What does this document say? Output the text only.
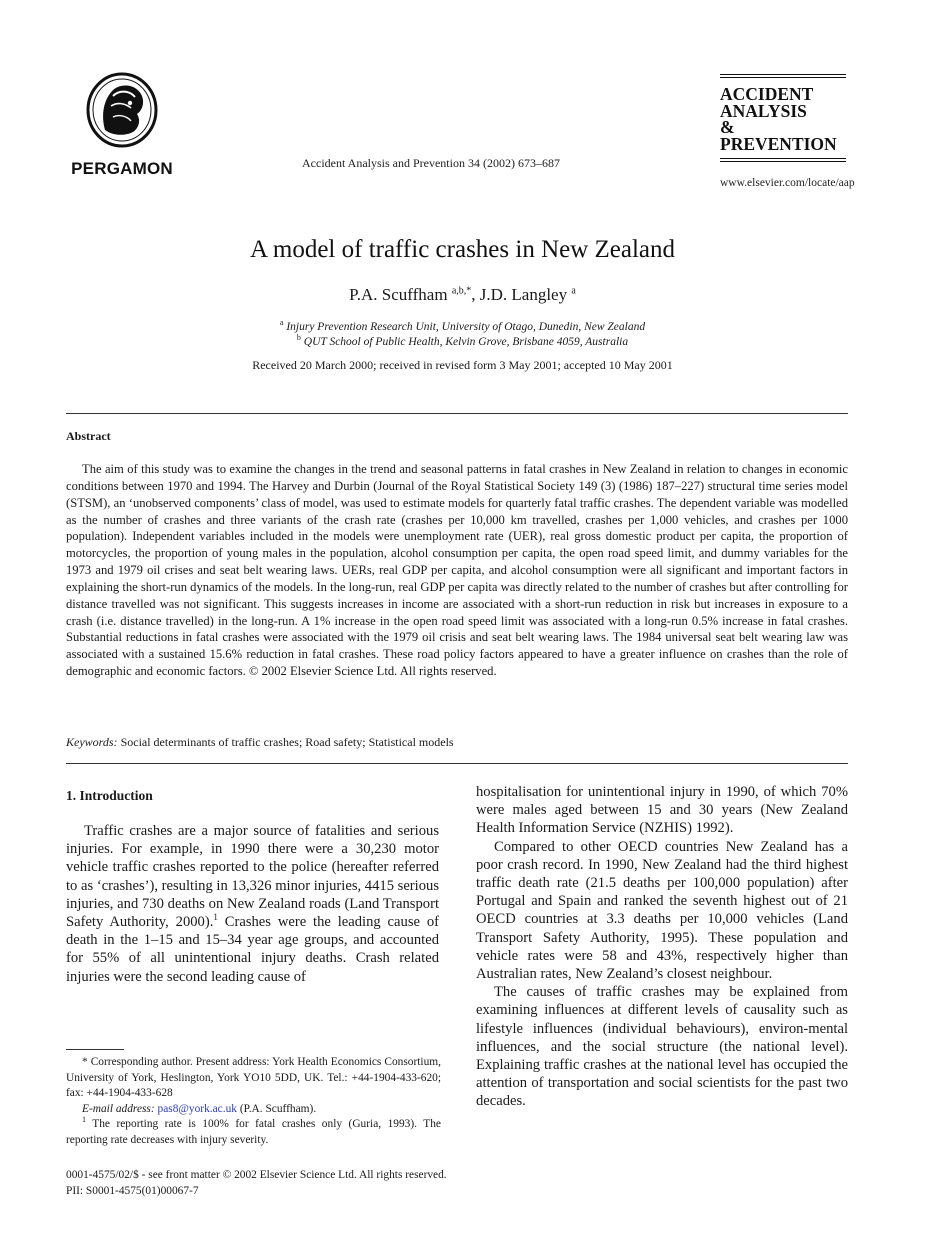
PERGAMON	Accident Analysis and Prevention 34 (2002) 673–687
ACCIDENT
ANALYSIS
&
PREVENTION
www.elsevier.com/locate/aap
A model of traffic crashes in New Zealand
P.A. Scuffham $^{a,b,*}$, J.D. Langley $^a$
$^a$ Injury Prevention Research Unit, University of Otago, Dunedin, New Zealand
$^b$ QUT School of Public Health, Kelvin Grove, Brisbane 4059, Australia
Received 20 March 2000; received in revised form 3 May 2001; accepted 10 May 2001
Abstract

The aim of this study was to examine the changes in the trend and seasonal patterns in fatal crashes in New Zealand in relation to changes in economic conditions between 1970 and 1994. The Harvey and Durbin (Journal of the Royal Statistical Society 149 (3) (1986) 187–227) structural time series model (STSM), an ‘unobserved components’ class of model, was used to estimate models for quarterly fatal traffic crashes. The dependent variable was modelled as the number of crashes and three variants of the crash rate (crashes per 10,000 km travelled, crashes per 1,000 vehicles, and crashes per 1000 population). Independent variables included in the models were unemployment rate (UER), real gross domestic product per capita, the proportion of motorcycles, the proportion of young males in the population, alcohol consumption per capita, the open road speed limit, and dummy variables for the 1973 and 1979 oil crises and seat belt wearing laws. UERs, real GDP per capita, and alcohol consumption were all significant and important factors in explaining the short-run dynamics of the models. In the long-run, real GDP per capita was directly related to the number of crashes but after controlling for distance travelled was not significant. This suggests increases in income are associated with a short-run reduction in risk but increases in exposure to a crash (i.e. distance travelled) in the long-run. A 1% increase in the open road speed limit was associated with a long-run 0.5% increase in fatal crashes. Substantial reductions in fatal crashes were associated with the 1979 oil crisis and seat belt wearing laws. The 1984 universal seat belt wearing law was associated with a sustained 15.6% reduction in fatal crashes. These road policy factors appeared to have a greater influence on crashes than the role of demographic and economic factors. © 2002 Elsevier Science Ltd. All rights reserved.

Keywords: Social determinants of traffic crashes; Road safety; Statistical models
1. Introduction

Traffic crashes are a major source of fatalities and serious injuries. For example, in 1990 there were a 30,230 motor vehicle traffic crashes reported to the police (hereafter referred to as ‘crashes’), resulting in 13,326 minor injuries, 4415 serious injuries, and 730 deaths on New Zealand roads (Land Transport Safety Authority, 2000).$^1$ Crashes were the leading cause of death in the 1–15 and 15–34 year age groups, and accounted for 55% of all unintentional injury deaths. Crash related injuries were the second leading cause of

* Corresponding author. Present address: York Health Economics Consortium, University of York, Heslington, York YO10 5DD, UK. Tel.: +44-1904-433-620; fax: +44-1904-433-628

E-mail address: pas8@york.ac.uk (P.A. Scuffham).

$^1$ The reporting rate is 100% for fatal crashes only (Guria, 1993). The reporting rate decreases with injury severity.

0001-4575/02/$ - see front matter © 2002 Elsevier Science Ltd. All rights reserved.
PII: S0001-4575(01)00067-7

hospitalisation for unintentional injury in 1990, of which 70% were males aged between 15 and 30 years (New Zealand Health Information Service (NZHIS) 1992).

Compared to other OECD countries New Zealand has a poor crash record. In 1990, New Zealand had the third highest traffic death rate (21.5 deaths per 100,000 population) after Portugal and Spain and ranked the seventh highest out of 21 OECD countries at 3.3 deaths per 10,000 vehicles (Land Transport Safety Authority, 1995). These population and vehicle rates were 58 and 43%, respectively higher than Australian rates, New Zealand’s closest neighbour.

The causes of traffic crashes may be explained from examining influences at different levels of causality such as lifestyle influences (individual behaviours), environ-mental influences, and the social structure (the national level). Explaining traffic crashes at the national level has occupied the attention of transportation and social scientists for the past two decades.
